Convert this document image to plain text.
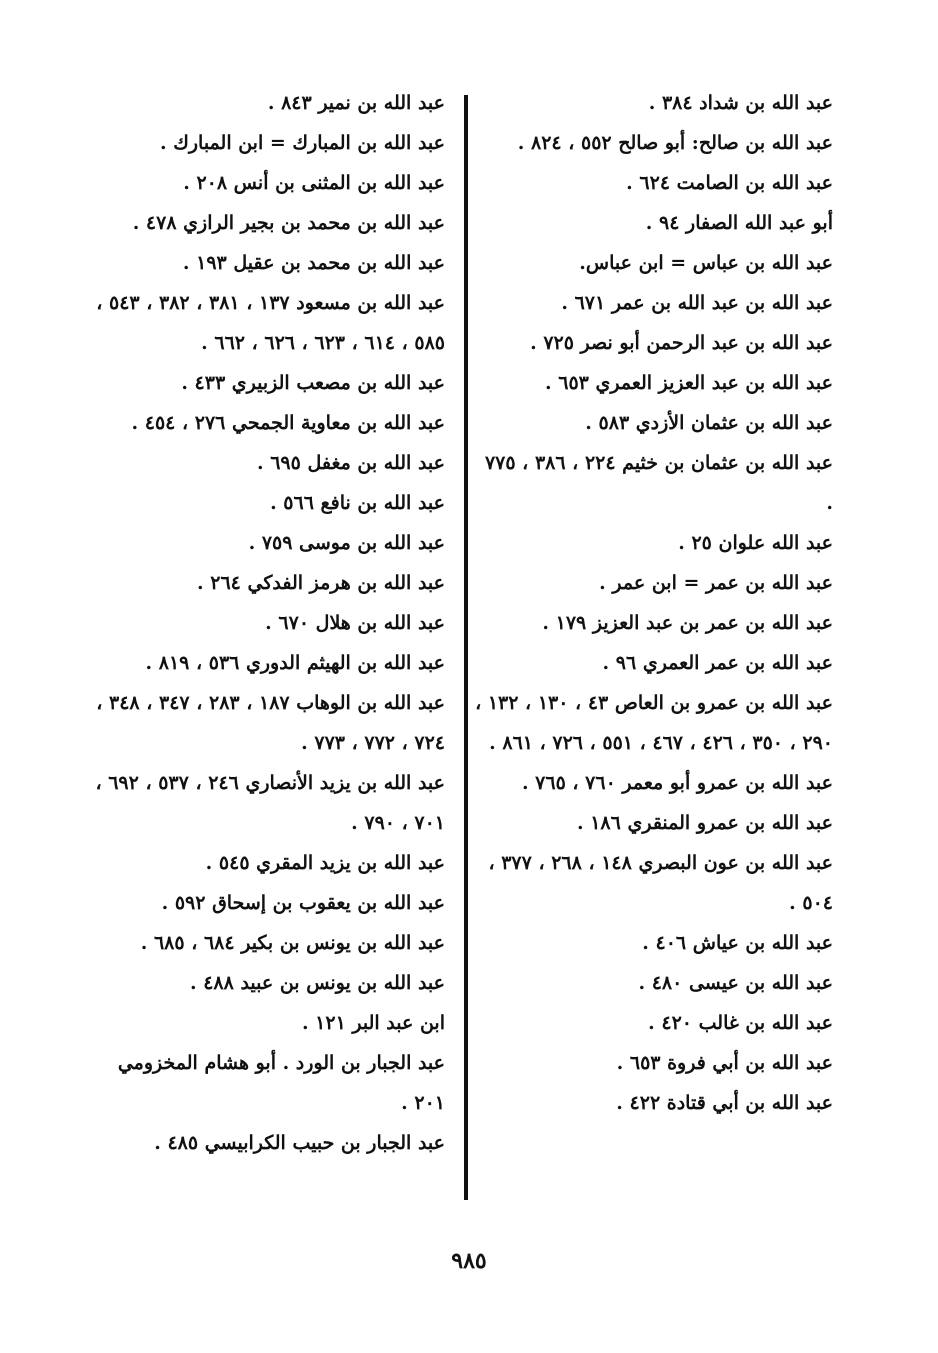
عبد الله بن شداد ٣٨٤ .
عبد الله بن صالح: أبو صالح ٥٥٢ ، ٨٢٤ .
عبد الله بن الصامت ٦٢٤ .
أبو عبد الله الصفار ٩٤ .
عبد الله بن عباس = ابن عباس.
عبد الله بن عبد الله بن عمر ٦٧١ .
عبد الله بن عبد الرحمن أبو نصر ٧٢٥ .
عبد الله بن عبد العزيز العمري ٦٥٣ .
عبد الله بن عثمان الأزدي ٥٨٣ .
عبد الله بن عثمان بن خثيم ٢٢٤ ، ٣٨٦ ، ٧٧٥ .
عبد الله علوان ٢٥ .
عبد الله بن عمر = ابن عمر .
عبد الله بن عمر بن عبد العزيز ١٧٩ .
عبد الله بن عمر العمري ٩٦ .
عبد الله بن عمرو بن العاص ٤٣ ، ١٣٠ ، ١٣٢ ، ٢٩٠ ، ٣٥٠ ، ٤٢٦ ، ٤٦٧ ، ٥٥١ ، ٧٢٦ ، ٨٦١ .
عبد الله بن عمرو أبو معمر ٧٦٠ ، ٧٦٥ .
عبد الله بن عمرو المنقري ١٨٦ .
عبد الله بن عون البصري ١٤٨ ، ٢٦٨ ، ٣٧٧ ، ٥٠٤ .
عبد الله بن عياش ٤٠٦ .
عبد الله بن عيسى ٤٨٠ .
عبد الله بن غالب ٤٢٠ .
عبد الله بن أبي فروة ٦٥٣ .
عبد الله بن أبي قتادة ٤٢٢ .
عبد الله بن نمير ٨٤٣ .
عبد الله بن المبارك = ابن المبارك .
عبد الله بن المثنى بن أنس ٢٠٨ .
عبد الله بن محمد بن بجير الرازي ٤٧٨ .
عبد الله بن محمد بن عقيل ١٩٣ .
عبد الله بن مسعود ١٣٧ ، ٣٨١ ، ٣٨٢ ، ٥٤٣ ، ٥٨٥ ، ٦١٤ ، ٦٢٣ ، ٦٢٦ ، ٦٦٢ .
عبد الله بن مصعب الزبيري ٤٣٣ .
عبد الله بن معاوية الجمحي ٢٧٦ ، ٤٥٤ .
عبد الله بن مغفل ٦٩٥ .
عبد الله بن نافع ٥٦٦ .
عبد الله بن موسى ٧٥٩ .
عبد الله بن هرمز الفدكي ٢٦٤ .
عبد الله بن هلال ٦٧٠ .
عبد الله بن الهيثم الدوري ٥٣٦ ، ٨١٩ .
عبد الله بن الوهاب ١٨٧ ، ٢٨٣ ، ٣٤٧ ، ٣٤٨ ، ٧٢٤ ، ٧٧٢ ، ٧٧٣ .
عبد الله بن يزيد الأنصاري ٢٤٦ ، ٥٣٧ ، ٦٩٢ ، ٧٠١ ، ٧٩٠ .
عبد الله بن يزيد المقري ٥٤٥ .
عبد الله بن يعقوب بن إسحاق ٥٩٢ .
عبد الله بن يونس بن بكير ٦٨٤ ، ٦٨٥ .
عبد الله بن يونس بن عبيد ٤٨٨ .
ابن عبد البر ١٢١ .
عبد الجبار بن الورد . أبو هشام المخزومي ٢٠١ .
عبد الجبار بن حبيب الكرابيسي ٤٨٥ .
٩٨٥
